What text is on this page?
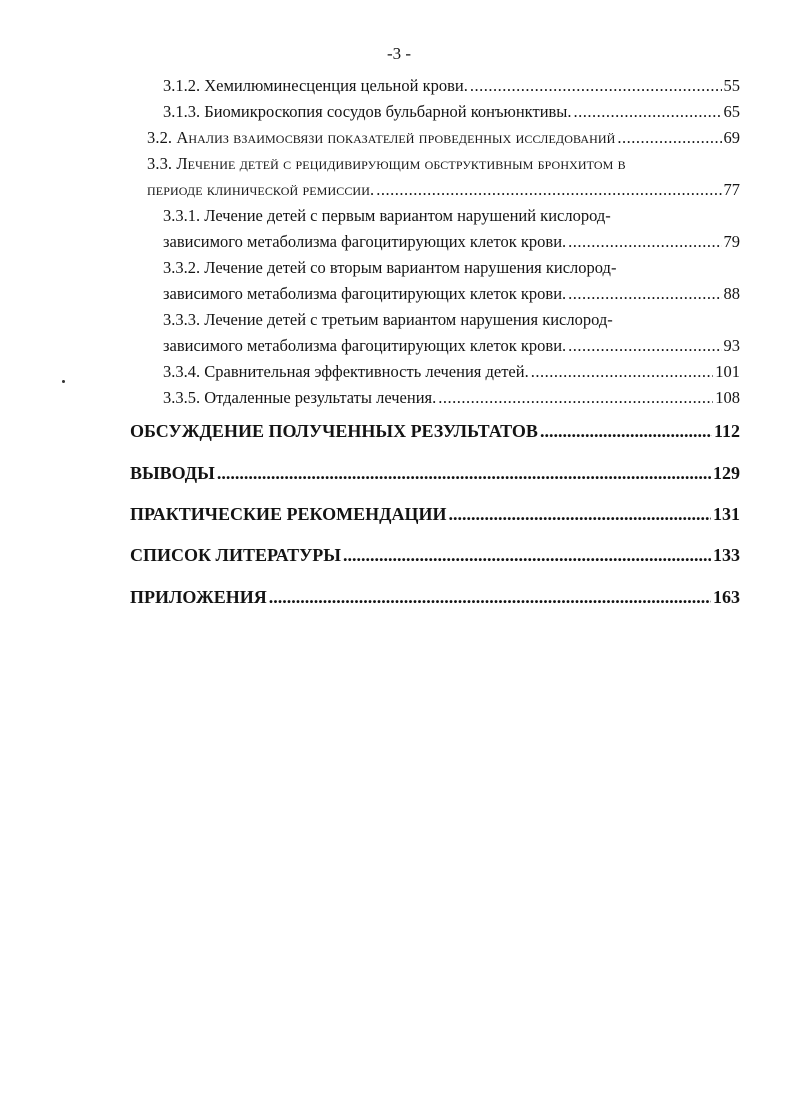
-3 -
3.1.2. Хемилюминесценция цельной крови. .....	55
3.1.3. Биомикроскопия сосудов бульбарной конъюнктивы. .....	65
3.2. Анализ взаимосвязи показателей проведенных исследований .....	69
3.3. Лечение детей с рецидивирующим обструктивным бронхитом в
периоде клинической ремиссии. .....	77
3.3.1. Лечение детей с первым вариантом нарушений кислород-
зависимого метаболизма фагоцитирующих клеток крови. .....	79
3.3.2. Лечение детей со вторым вариантом нарушения кислород-
зависимого метаболизма фагоцитирующих клеток крови. .....	88
3.3.3. Лечение детей с третьим вариантом нарушения кислород-
зависимого метаболизма фагоцитирующих клеток крови. .....	93
3.3.4. Сравнительная эффективность лечения детей. .....	101
3.3.5. Отдаленные результаты лечения. .....	108
ОБСУЖДЕНИЕ ПОЛУЧЕННЫХ РЕЗУЛЬТАТОВ .....	112
ВЫВОДЫ .....	129
ПРАКТИЧЕСКИЕ РЕКОМЕНДАЦИИ .....	131
СПИСОК ЛИТЕРАТУРЫ .....	133
ПРИЛОЖЕНИЯ .....	163
